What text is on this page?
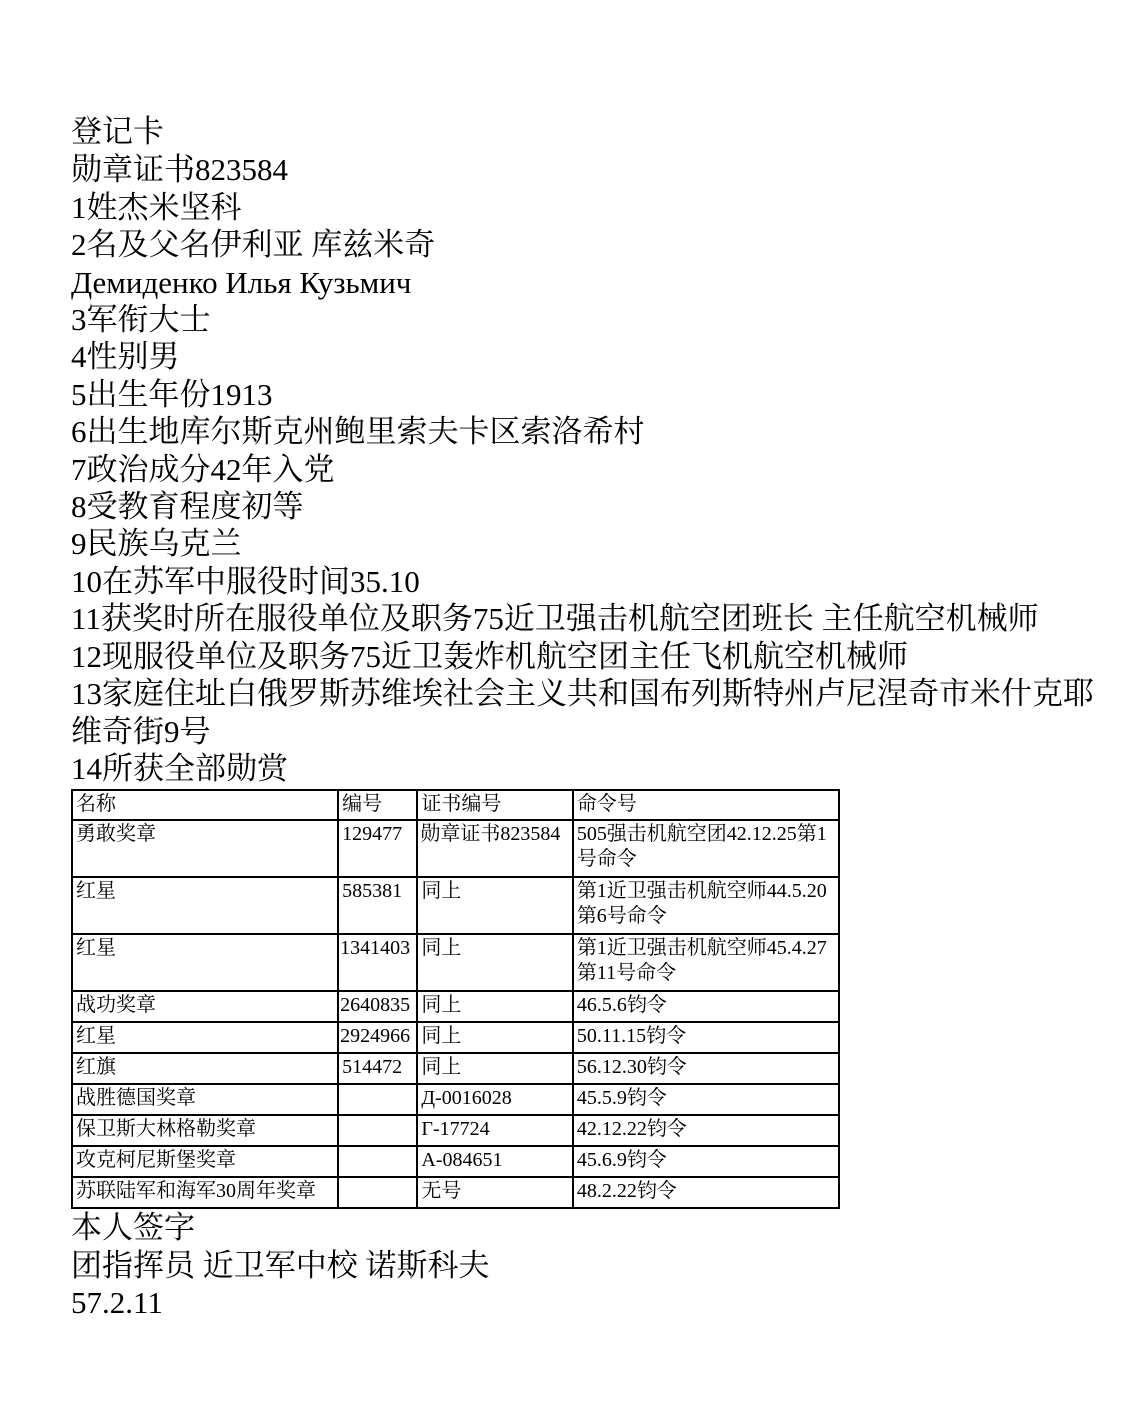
登记卡
勋章证书823584
1姓杰米坚科
2名及父名伊利亚 库兹米奇
Демиденко Илья Кузьмич
3军衔大士
4性别男
5出生年份1913
6出生地库尔斯克州鲍里索夫卡区索洛希村
7政治成分42年入党
8受教育程度初等
9民族乌克兰
10在苏军中服役时间35.10
11获奖时所在服役单位及职务75近卫强击机航空团班长 主任航空机械师
12现服役单位及职务75近卫轰炸机航空团主任飞机航空机械师
13家庭住址白俄罗斯苏维埃社会主义共和国布列斯特州卢尼涅奇市米什克耶维奇街9号
14所获全部勋赏
名称	编号	证书编号	命令号
勇敢奖章	129477	勋章证书823584	505强击机航空团42.12.25第1号命令
红星	585381	同上	第1近卫强击机航空师44.5.20第6号命令
红星	1341403	同上	第1近卫强击机航空师45.4.27第11号命令
战功奖章	2640835	同上	46.5.6钧令
红星	2924966	同上	50.11.15钧令
红旗	514472	同上	56.12.30钧令
战胜德国奖章		Д-0016028	45.5.9钧令
保卫斯大林格勒奖章		Г-17724	42.12.22钧令
攻克柯尼斯堡奖章		А-084651	45.6.9钧令
苏联陆军和海军30周年奖章		无号	48.2.22钧令
本人签字
团指挥员 近卫军中校 诺斯科夫
57.2.11
